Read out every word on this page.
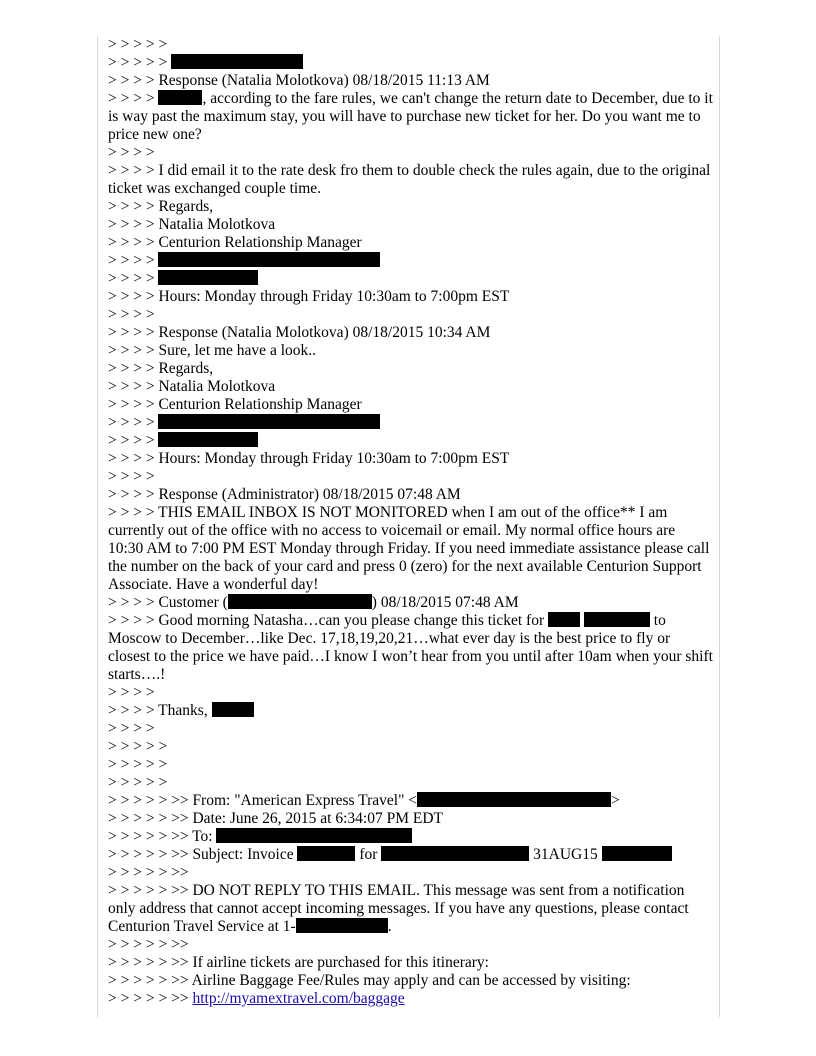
> > > > >

> > > > >

> > > > Response (Natalia Molotkova) 08/18/2015 11:13 AM

> > > >	, according to the fare rules, we can't change the return date to December, due to it is way past the maximum stay, you will have to purchase new ticket for her. Do you want me to price new one?

> > > >

> > > > I did email it to the rate desk fro them to double check the rules again, due to the original ticket was exchanged couple time.

> > > > Regards,

> > > > Natalia Molotkova

> > > > Centurion Relationship Manager

> > > >

> > > >

> > > > Hours: Monday through Friday 10:30am to 7:00pm EST

> > > >

> > > > Response (Natalia Molotkova) 08/18/2015 10:34 AM

> > > > Sure, let me have a look..

> > > > Regards,

> > > > Natalia Molotkova

> > > > Centurion Relationship Manager

> > > >

> > > >

> > > > Hours: Monday through Friday 10:30am to 7:00pm EST

> > > >

> > > > Response (Administrator) 08/18/2015 07:48 AM

> > > > THIS EMAIL INBOX IS NOT MONITORED when I am out of the office** I am currently out of the office with no access to voicemail or email. My normal office hours are 10:30 AM to 7:00 PM EST Monday through Friday. If you need immediate assistance please call the number on the back of your card and press 0 (zero) for the next available Centurion Support Associate. Have a wonderful day!

> > > > Customer (	) 08/18/2015 07:48 AM

> > > > Good morning Natasha…can you please change this ticket for	to Moscow to December…like Dec. 17,18,19,20,21…what ever day is the best price to fly or closest to the price we have paid…I know I won’t hear from you until after 10am when your shift starts….!

> > > >

> > > > Thanks,

> > > >

> > > > >

> > > > >

> > > > >

> > > > > >> From: "American Express Travel" <	>

> > > > > >> Date: June 26, 2015 at 6:34:07 PM EDT

> > > > > >> To:

> > > > > >> Subject: Invoice	for	31AUG15

> > > > > >>

> > > > > >> DO NOT REPLY TO THIS EMAIL. This message was sent from a notification only address that cannot accept incoming messages. If you have any questions, please contact Centurion Travel Service at 1-	.

> > > > > >>

> > > > > >> If airline tickets are purchased for this itinerary:

> > > > > >> Airline Baggage Fee/Rules may apply and can be accessed by visiting:

> > > > > >> http://myamextravel.com/baggage
